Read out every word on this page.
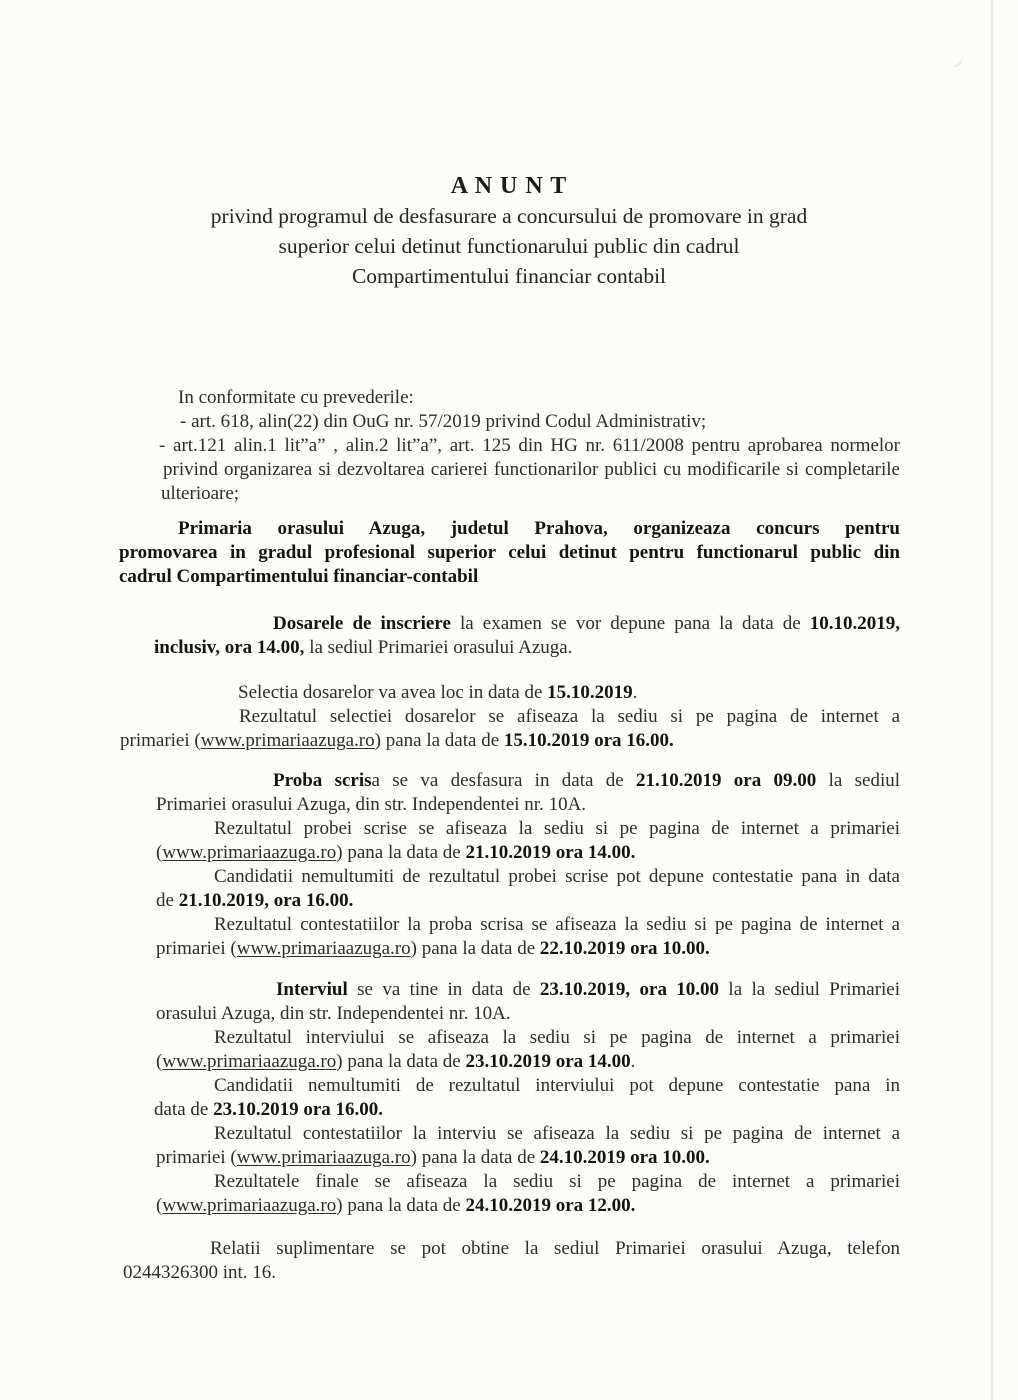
A N U N T
privind programul de desfasurare a concursului de promovare in grad
superior celui detinut functionarului public din cadrul
Compartimentului financiar contabil
In conformitate cu prevederile:
- art. 618, alin(22) din OuG nr. 57/2019 privind Codul Administrativ;
- art.121 alin.1 lit”a” , alin.2 lit”a”, art. 125 din HG nr. 611/2008 pentru aprobarea normelor
privind organizarea si dezvoltarea carierei functionarilor publici cu modificarile si completarile
ulterioare;
Primaria orasului Azuga, judetul Prahova, organizeaza concurs pentru
promovarea in gradul profesional superior celui detinut pentru functionarul public din
cadrul Compartimentului financiar-contabil
Dosarele de inscriere la examen se vor depune pana la data de 10.10.2019,
inclusiv, ora 14.00, la sediul Primariei orasului Azuga.
Selectia dosarelor va avea loc in data de 15.10.2019.
Rezultatul selectiei dosarelor se afiseaza la sediu si pe pagina de internet a
primariei (www.primariaazuga.ro) pana la data de 15.10.2019 ora 16.00.
Proba scrisa se va desfasura in data de 21.10.2019 ora 09.00 la sediul
Primariei orasului Azuga, din str. Independentei nr. 10A.
Rezultatul probei scrise se afiseaza la sediu si pe pagina de internet a primariei
(www.primariaazuga.ro) pana la data de 21.10.2019 ora 14.00.
Candidatii nemultumiti de rezultatul probei scrise pot depune contestatie pana in data
de 21.10.2019, ora 16.00.
Rezultatul contestatiilor la proba scrisa se afiseaza la sediu si pe pagina de internet a
primariei (www.primariaazuga.ro) pana la data de 22.10.2019 ora 10.00.
Interviul se va tine in data de 23.10.2019, ora 10.00 la la sediul Primariei
orasului Azuga, din str. Independentei nr. 10A.
Rezultatul interviului se afiseaza la sediu si pe pagina de internet a primariei
(www.primariaazuga.ro) pana la data de 23.10.2019 ora 14.00.
Candidatii nemultumiti de rezultatul interviului pot depune contestatie pana in
data de 23.10.2019 ora 16.00.
Rezultatul contestatiilor la interviu se afiseaza la sediu si pe pagina de internet a
primariei (www.primariaazuga.ro) pana la data de 24.10.2019 ora 10.00.
Rezultatele finale se afiseaza la sediu si pe pagina de internet a primariei
(www.primariaazuga.ro) pana la data de 24.10.2019 ora 12.00.
Relatii suplimentare se pot obtine la sediul Primariei orasului Azuga, telefon
0244326300 int. 16.
